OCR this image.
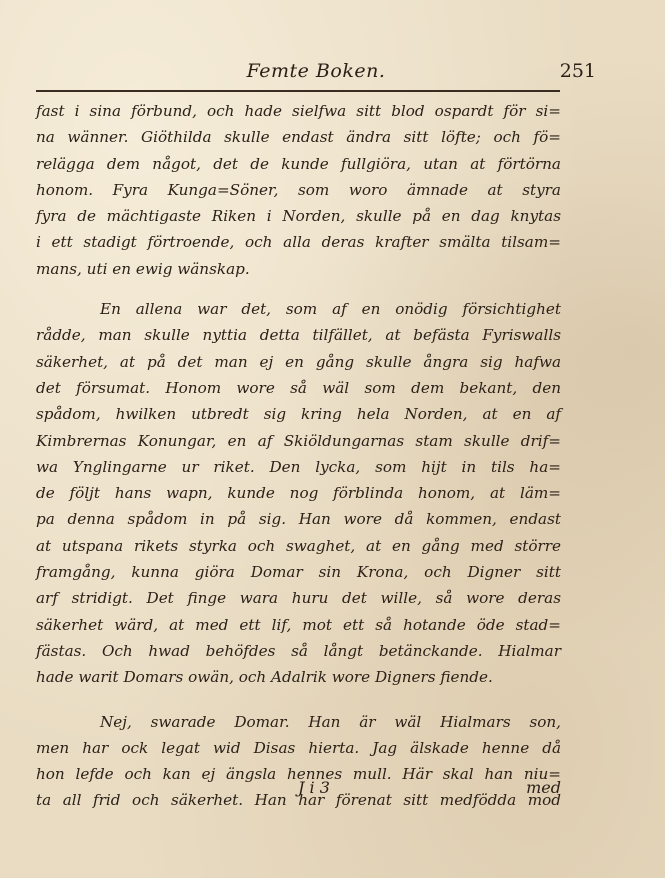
Femte Boken.	251
fast i sina förbund, och hade sielfwa sitt blod ospardt för si=
na wänner. Giöthilda skulle endast ändra sitt löfte; och fö=
relägga dem något, det de kunde fullgiöra, utan at förtörna
honom. Fyra Kunga=Söner, som woro ämnade at styra
fyra de mächtigaste Riken i Norden, skulle på en dag knytas
i ett stadigt förtroende, och alla deras krafter smälta tilsam=
mans, uti en ewig wänskap.
En allena war det, som af en onödig försichtighet
rådde, man skulle nyttia detta tilfället, at befästa Fyriswalls
säkerhet, at på det man ej en gång skulle ångra sig hafwa
det försumat. Honom wore så wäl som dem bekant, den
spådom, hwilken utbredt sig kring hela Norden, at en af
Kimbrernas Konungar, en af Skiöldungarnas stam skulle drif=
wa Ynglingarne ur riket. Den lycka, som hijt in tils ha=
de följt hans wapn, kunde nog förblinda honom, at läm=
pa denna spådom in på sig. Han wore då kommen, endast
at utspana rikets styrka och swaghet, at en gång med större
framgång, kunna giöra Domar sin Krona, och Digner sitt
arf stridigt. Det finge wara huru det wille, så wore deras
säkerhet wärd, at med ett lif, mot ett så hotande öde stad=
fästas. Och hwad behöfdes så långt betänckande. Hialmar
hade warit Domars owän, och Adalrik wore Digners fiende.
Nej, swarade Domar. Han är wäl Hialmars son,
men har ock legat wid Disas hierta. Jag älskade henne då
hon lefde och kan ej ängsla hennes mull. Här skal han niu=
ta all frid och säkerhet. Han har förenat sitt medfödda mod
J i 3	med
